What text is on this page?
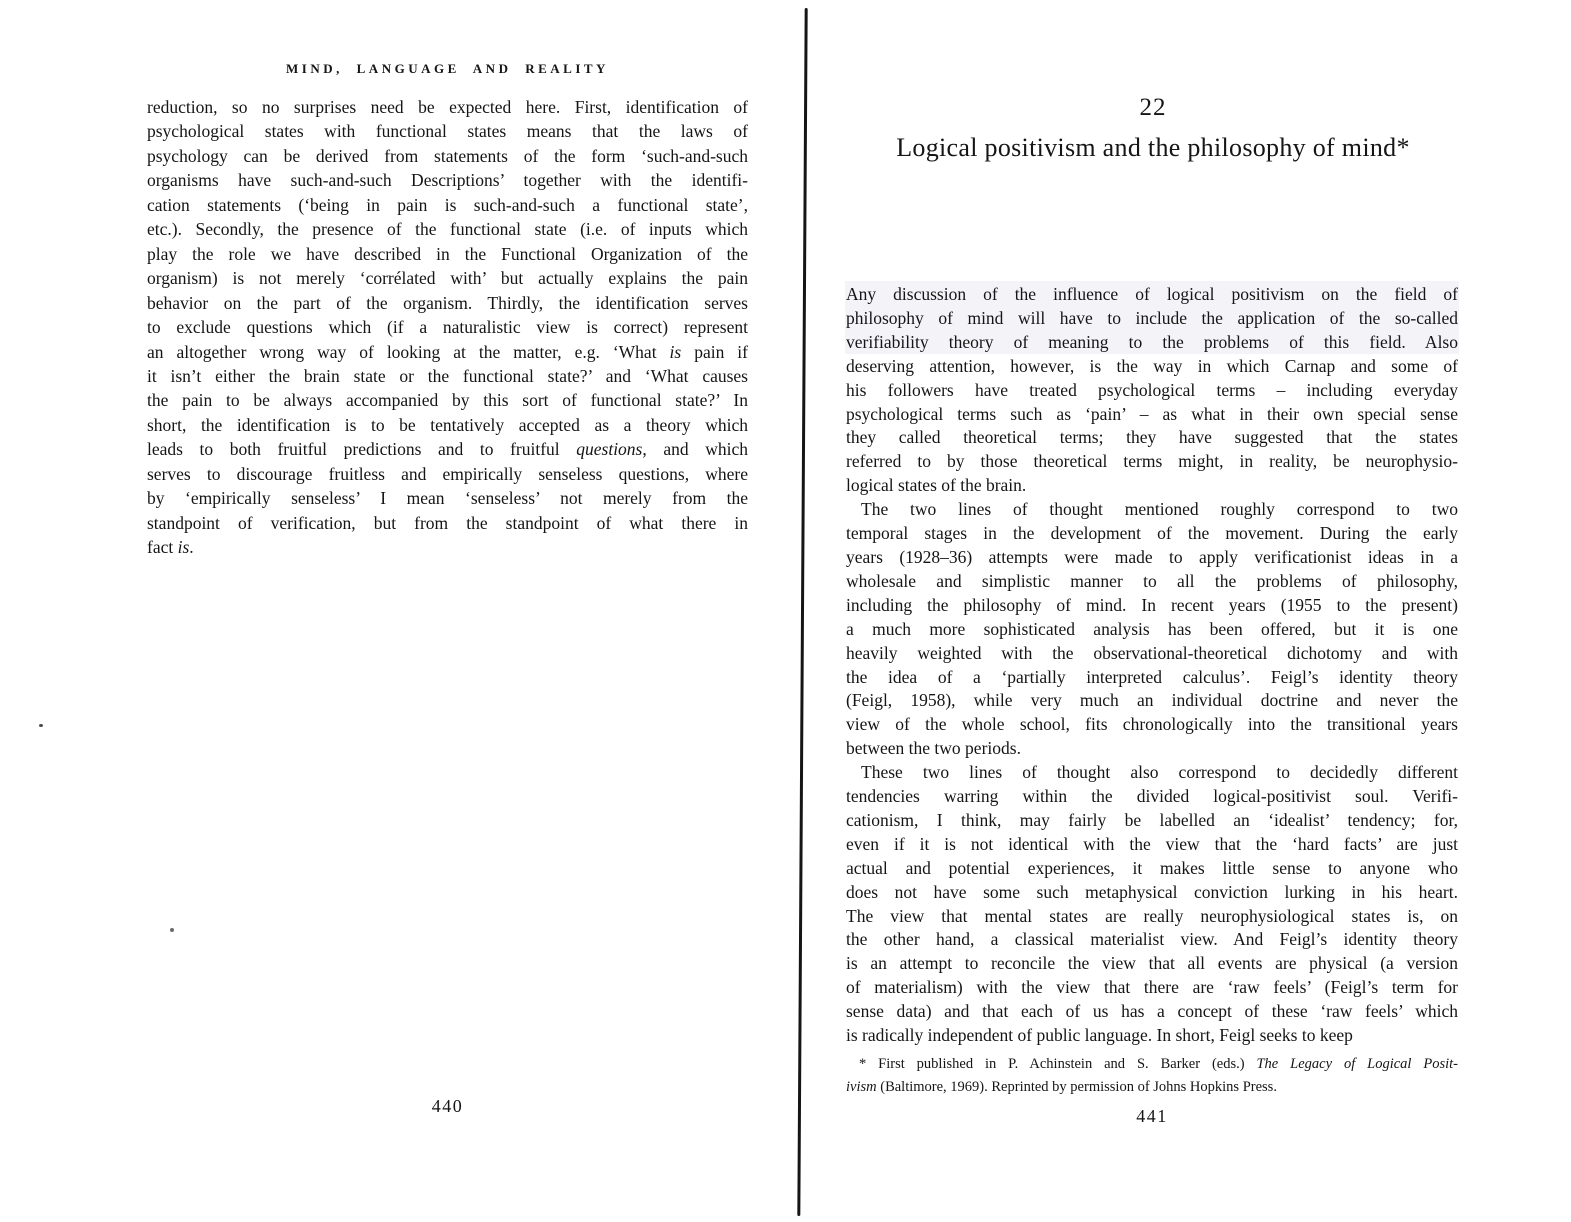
MIND, LANGUAGE AND REALITY
reduction, so no surprises need be expected here. First, identification of
psychological states with functional states means that the laws of
psychology can be derived from statements of the form ‘such-and-such
organisms have such-and-such Descriptions’ together with the identifi-
cation statements (‘being in pain is such-and-such a functional state’,
etc.). Secondly, the presence of the functional state (i.e. of inputs which
play the role we have described in the Functional Organization of the
organism) is not merely ‘corrélated with’ but actually explains the pain
behavior on the part of the organism. Thirdly, the identification serves
to exclude questions which (if a naturalistic view is correct) represent
an altogether wrong way of looking at the matter, e.g. ‘What is pain if
it isn’t either the brain state or the functional state?’ and ‘What causes
the pain to be always accompanied by this sort of functional state?’ In
short, the identification is to be tentatively accepted as a theory which
leads to both fruitful predictions and to fruitful questions, and which
serves to discourage fruitless and empirically senseless questions, where
by ‘empirically senseless’ I mean ‘senseless’ not merely from the
standpoint of verification, but from the standpoint of what there in
fact is.
440
22
Logical positivism and the philosophy of mind*
Any discussion of the influence of logical positivism on the field of
philosophy of mind will have to include the application of the so-called
verifiability theory of meaning to the problems of this field. Also
deserving attention, however, is the way in which Carnap and some of
his followers have treated psychological terms – including everyday
psychological terms such as ‘pain’ – as what in their own special sense
they called theoretical terms; they have suggested that the states
referred to by those theoretical terms might, in reality, be neurophysio-
logical states of the brain.
The two lines of thought mentioned roughly correspond to two
temporal stages in the development of the movement. During the early
years (1928–36) attempts were made to apply verificationist ideas in a
wholesale and simplistic manner to all the problems of philosophy,
including the philosophy of mind. In recent years (1955 to the present)
a much more sophisticated analysis has been offered, but it is one
heavily weighted with the observational-theoretical dichotomy and with
the idea of a ‘partially interpreted calculus’. Feigl’s identity theory
(Feigl, 1958), while very much an individual doctrine and never the
view of the whole school, fits chronologically into the transitional years
between the two periods.
These two lines of thought also correspond to decidedly different
tendencies warring within the divided logical-positivist soul. Verifi-
cationism, I think, may fairly be labelled an ‘idealist’ tendency; for,
even if it is not identical with the view that the ‘hard facts’ are just
actual and potential experiences, it makes little sense to anyone who
does not have some such metaphysical conviction lurking in his heart.
The view that mental states are really neurophysiological states is, on
the other hand, a classical materialist view. And Feigl’s identity theory
is an attempt to reconcile the view that all events are physical (a version
of materialism) with the view that there are ‘raw feels’ (Feigl’s term for
sense data) and that each of us has a concept of these ‘raw feels’ which
is radically independent of public language. In short, Feigl seeks to keep
* First published in P. Achinstein and S. Barker (eds.) The Legacy of Logical Posit-
ivism (Baltimore, 1969). Reprinted by permission of Johns Hopkins Press.
441
